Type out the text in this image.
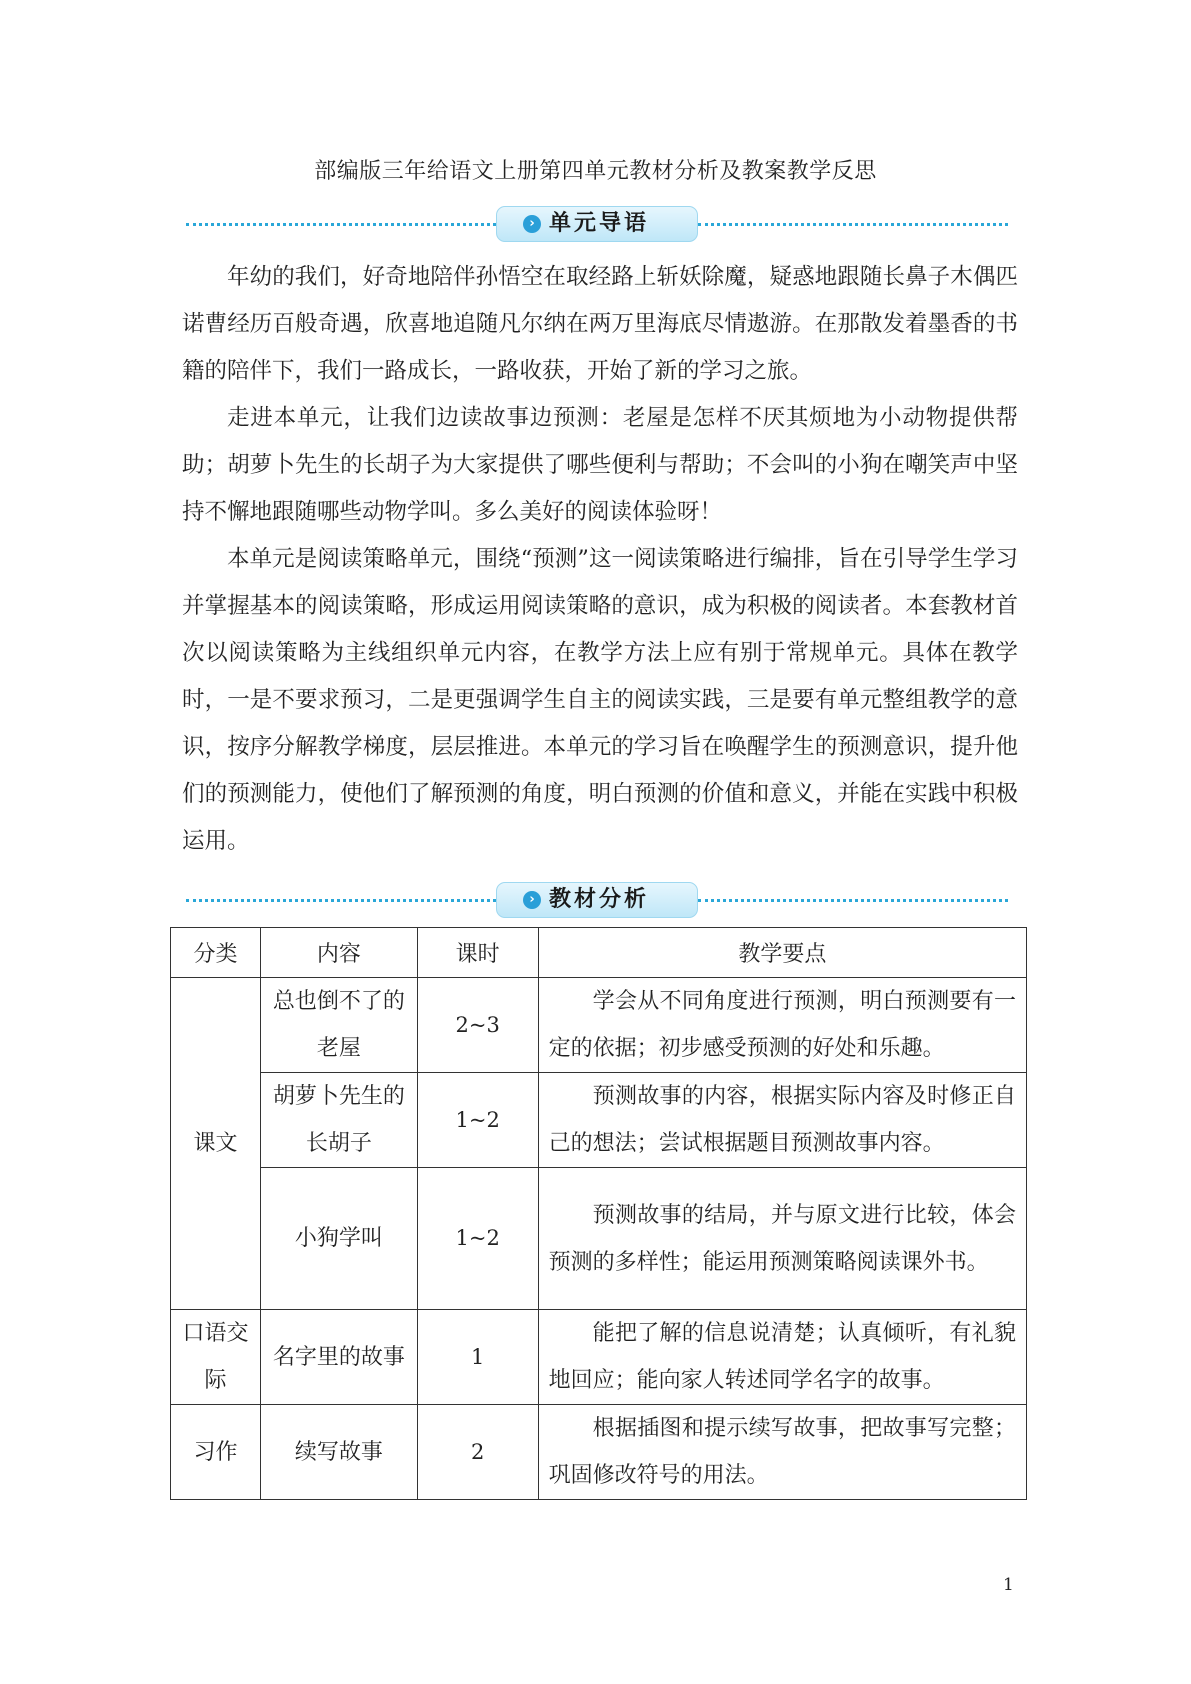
部编版三年给语文上册第四单元教材分析及教案教学反思
› 单元导语

年幼的我们，好奇地陪伴孙悟空在取经路上斩妖除魔，疑惑地跟随长鼻子木偶匹诺曹经历百般奇遇，欣喜地追随凡尔纳在两万里海底尽情遨游。在那散发着墨香的书籍的陪伴下，我们一路成长，一路收获，开始了新的学习之旅。

走进本单元，让我们边读故事边预测：老屋是怎样不厌其烦地为小动物提供帮助；胡萝卜先生的长胡子为大家提供了哪些便利与帮助；不会叫的小狗在嘲笑声中坚持不懈地跟随哪些动物学叫。多么美好的阅读体验呀！

本单元是阅读策略单元，围绕“预测”这一阅读策略进行编排，旨在引导学生学习并掌握基本的阅读策略，形成运用阅读策略的意识，成为积极的阅读者。本套教材首次以阅读策略为主线组织单元内容，在教学方法上应有别于常规单元。具体在教学时，一是不要求预习，二是更强调学生自主的阅读实践，三是要有单元整组教学的意识，按序分解教学梯度，层层推进。本单元的学习旨在唤醒学生的预测意识，提升他们的预测能力，使他们了解预测的角度，明白预测的价值和意义，并能在实践中积极运用。

› 教材分析
分类	内容	课时	教学要点
课文	总也倒不了的老屋	2~3	学会从不同角度进行预测，明白预测要有一定的依据；初步感受预测的好处和乐趣。
	胡萝卜先生的长胡子	1~2	预测故事的内容，根据实际内容及时修正自己的想法；尝试根据题目预测故事内容。
	小狗学叫	1~2	预测故事的结局，并与原文进行比较，体会预测的多样性；能运用预测策略阅读课外书。
口语交际	名字里的故事	1	能把了解的信息说清楚；认真倾听，有礼貌地回应；能向家人转述同学名字的故事。
习作	续写故事	2	根据插图和提示续写故事，把故事写完整；巩固修改符号的用法。
1
